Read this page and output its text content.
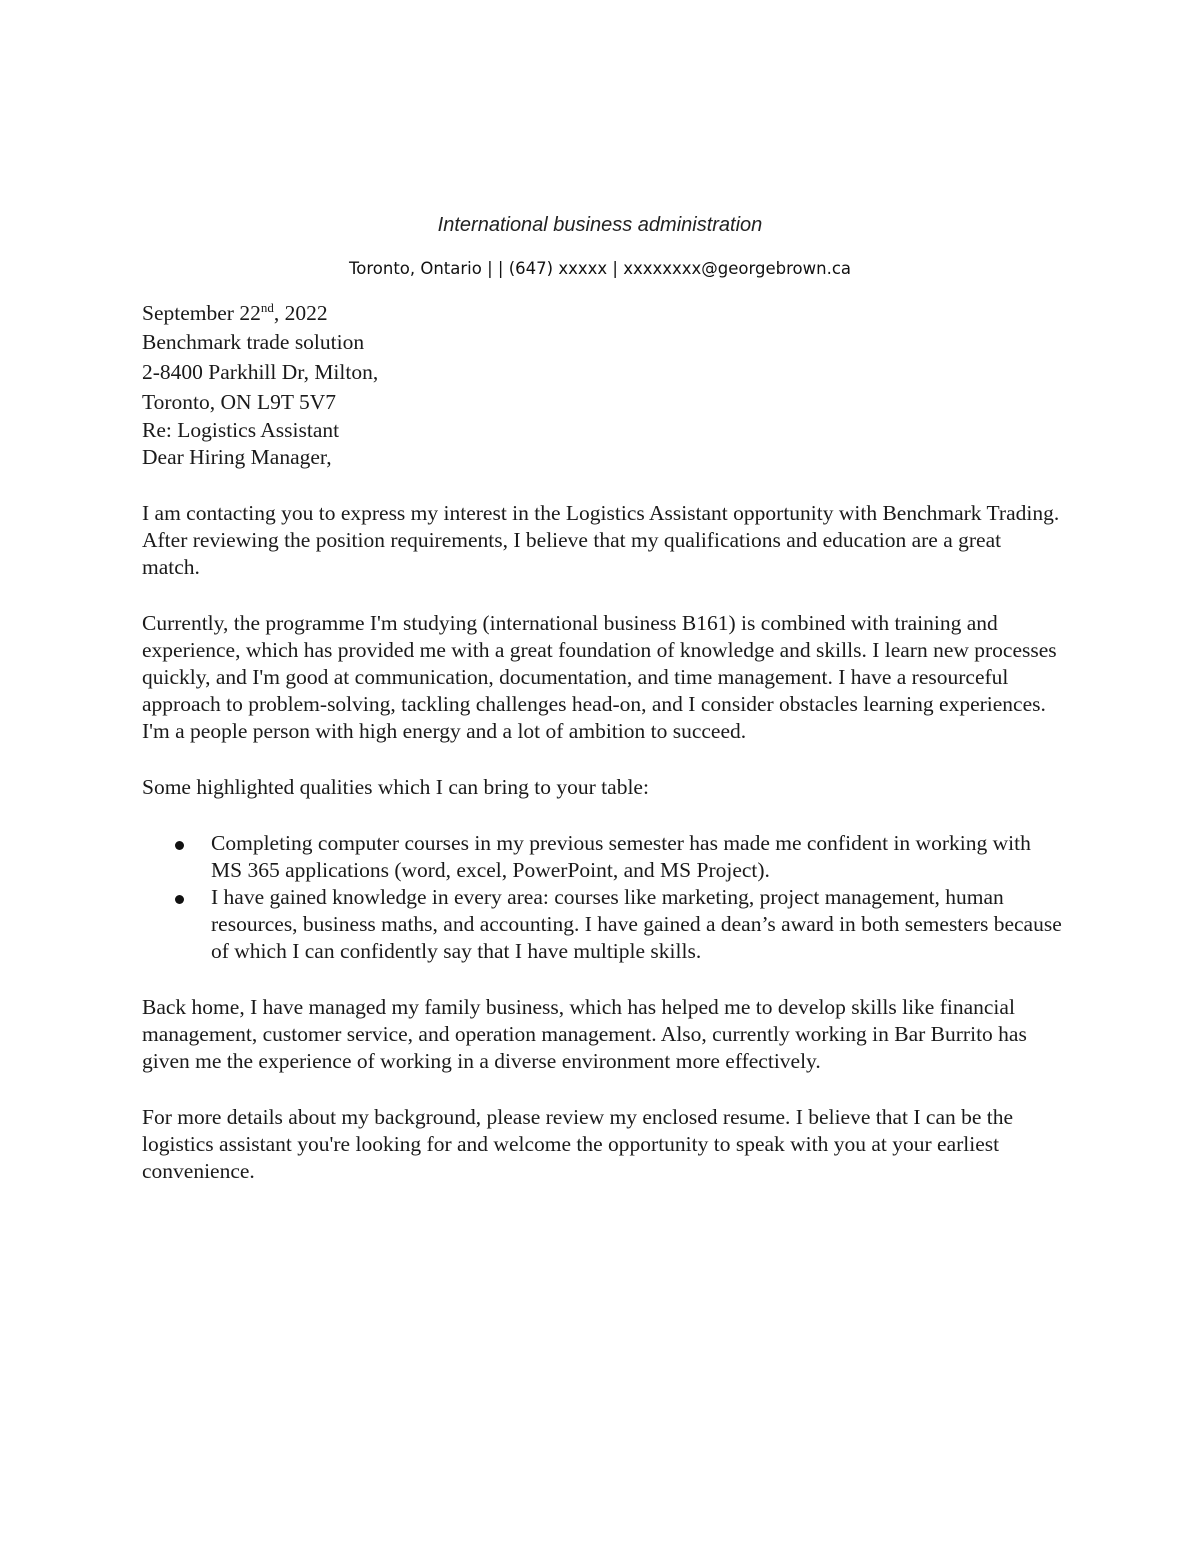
International business administration
Toronto, Ontario | | (647) xxxxx | xxxxxxxx@georgebrown.ca

September 22nd, 2022

Benchmark trade solution
2-8400 Parkhill Dr, Milton,
Toronto, ON L9T 5V7

Re: Logistics Assistant

Dear Hiring Manager,

I am contacting you to express my interest in the Logistics Assistant opportunity with Benchmark Trading. After reviewing the position requirements, I believe that my qualifications and education are a great match.

Currently, the programme I'm studying (international business B161) is combined with training and experience, which has provided me with a great foundation of knowledge and skills. I learn new processes quickly, and I'm good at communication, documentation, and time management. I have a resourceful approach to problem-solving, tackling challenges head-on, and I consider obstacles learning experiences. I'm a people person with high energy and a lot of ambition to succeed.

Some highlighted qualities which I can bring to your table:

Completing computer courses in my previous semester has made me confident in working with MS 365 applications (word, excel, PowerPoint, and MS Project).
I have gained knowledge in every area: courses like marketing, project management, human resources, business maths, and accounting. I have gained a dean’s award in both semesters because of which I can confidently say that I have multiple skills.

Back home, I have managed my family business, which has helped me to develop skills like financial management, customer service, and operation management. Also, currently working in Bar Burrito has given me the experience of working in a diverse environment more effectively.

For more details about my background, please review my enclosed resume. I believe that I can be the logistics assistant you're looking for and welcome the opportunity to speak with you at your earliest convenience.
